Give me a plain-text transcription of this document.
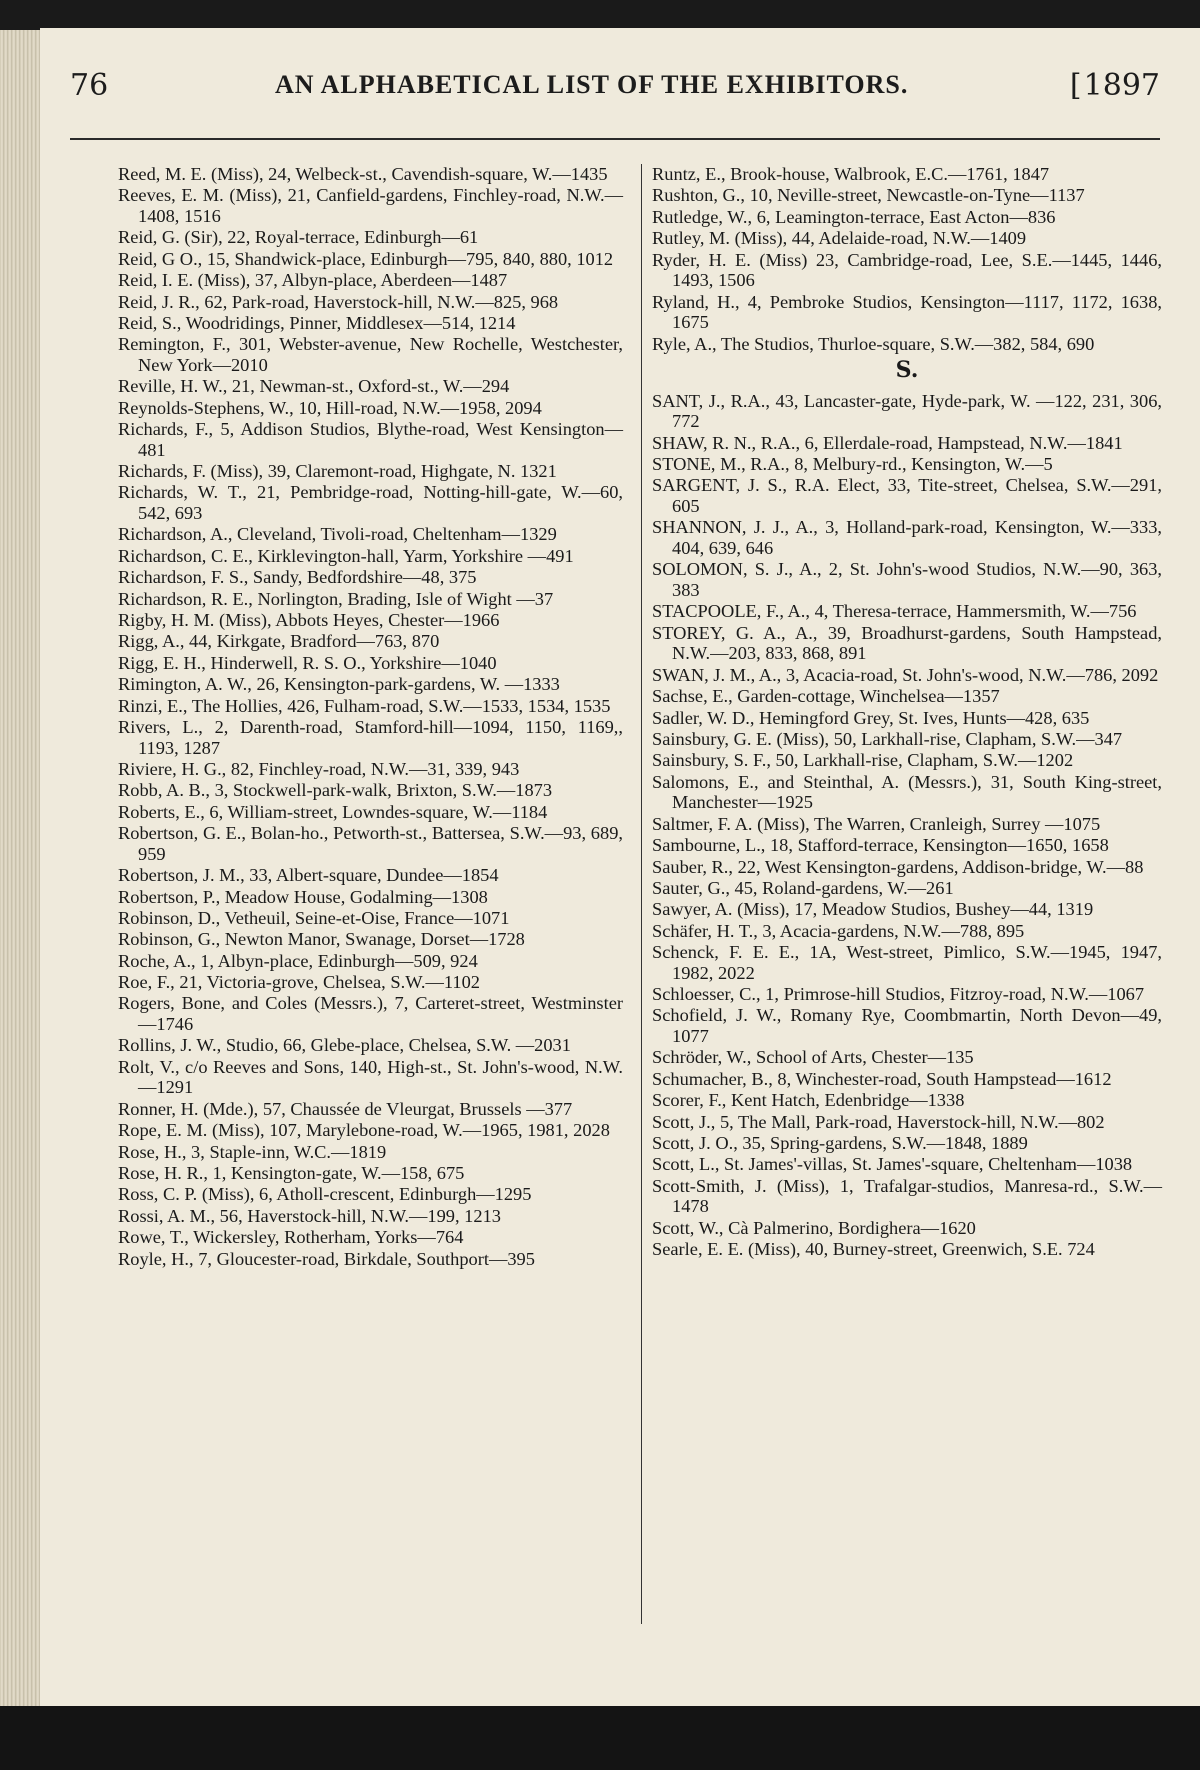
76	AN ALPHABETICAL LIST OF THE EXHIBITORS.
[	1897

Reed, M. E. (Miss), 24, Welbeck-st., Cavendish-square, W.—1435

Reeves, E. M. (Miss), 21, Canfield-gardens, Finchley-road, N.W.—1408, 1516

Reid, G. (Sir), 22, Royal-terrace, Edinburgh—61

Reid, G O., 15, Shandwick-place, Edinburgh—795, 840, 880, 1012

Reid, I. E. (Miss), 37, Albyn-place, Aberdeen—1487

Reid, J. R., 62, Park-road, Haverstock-hill, N.W.—825, 968

Reid, S., Woodridings, Pinner, Middlesex—514, 1214

Remington, F., 301, Webster-avenue, New Rochelle, Westchester, New York—2010

Reville, H. W., 21, Newman-st., Oxford-st., W.—294

Reynolds-Stephens, W., 10, Hill-road, N.W.—1958, 2094

Richards, F., 5, Addison Studios, Blythe-road, West Kensington—481

Richards, F. (Miss), 39, Claremont-road, Highgate, N. 1321

Richards, W. T., 21, Pembridge-road, Notting-hill-gate, W.—60, 542, 693

Richardson, A., Cleveland, Tivoli-road, Cheltenham—1329

Richardson, C. E., Kirklevington-hall, Yarm, Yorkshire —491

Richardson, F. S., Sandy, Bedfordshire—48, 375

Richardson, R. E., Norlington, Brading, Isle of Wight —37

Rigby, H. M. (Miss), Abbots Heyes, Chester—1966

Rigg, A., 44, Kirkgate, Bradford—763, 870

Rigg, E. H., Hinderwell, R. S. O., Yorkshire—1040

Rimington, A. W., 26, Kensington-park-gardens, W. —1333

Rinzi, E., The Hollies, 426, Fulham-road, S.W.—1533, 1534, 1535

Rivers, L., 2, Darenth-road, Stamford-hill—1094, 1150, 1169,, 1193, 1287

Riviere, H. G., 82, Finchley-road, N.W.—31, 339, 943

Robb, A. B., 3, Stockwell-park-walk, Brixton, S.W.—1873

Roberts, E., 6, William-street, Lowndes-square, W.—1184

Robertson, G. E., Bolan-ho., Petworth-st., Battersea, S.W.—93, 689, 959

Robertson, J. M., 33, Albert-square, Dundee—1854

Robertson, P., Meadow House, Godalming—1308

Robinson, D., Vetheuil, Seine-et-Oise, France—1071

Robinson, G., Newton Manor, Swanage, Dorset—1728

Roche, A., 1, Albyn-place, Edinburgh—509, 924

Roe, F., 21, Victoria-grove, Chelsea, S.W.—1102

Rogers, Bone, and Coles (Messrs.), 7, Carteret-street, Westminster—1746

Rollins, J. W., Studio, 66, Glebe-place, Chelsea, S.W. —2031

Rolt, V., c/o Reeves and Sons, 140, High-st., St. John's-wood, N.W.—1291

Ronner, H. (Mde.), 57, Chaussée de Vleurgat, Brussels —377

Rope, E. M. (Miss), 107, Marylebone-road, W.—1965, 1981, 2028

Rose, H., 3, Staple-inn, W.C.—1819

Rose, H. R., 1, Kensington-gate, W.—158, 675

Ross, C. P. (Miss), 6, Atholl-crescent, Edinburgh—1295

Rossi, A. M., 56, Haverstock-hill, N.W.—199, 1213

Rowe, T., Wickersley, Rotherham, Yorks—764

Royle, H., 7, Gloucester-road, Birkdale, Southport—395

Runtz, E., Brook-house, Walbrook, E.C.—1761, 1847

Rushton, G., 10, Neville-street, Newcastle-on-Tyne—1137

Rutledge, W., 6, Leamington-terrace, East Acton—836

Rutley, M. (Miss), 44, Adelaide-road, N.W.—1409

Ryder, H. E. (Miss) 23, Cambridge-road, Lee, S.E.—1445, 1446, 1493, 1506

Ryland, H., 4, Pembroke Studios, Kensington—1117, 1172, 1638, 1675

Ryle, A., The Studios, Thurloe-square, S.W.—382, 584, 690

S.

SANT, J., R.A., 43, Lancaster-gate, Hyde-park, W. —122, 231, 306, 772

SHAW, R. N., R.A., 6, Ellerdale-road, Hampstead, N.W.—1841

STONE, M., R.A., 8, Melbury-rd., Kensington, W.—5

SARGENT, J. S., R.A. Elect, 33, Tite-street, Chelsea, S.W.—291, 605

SHANNON, J. J., A., 3, Holland-park-road, Kensington, W.—333, 404, 639, 646

SOLOMON, S. J., A., 2, St. John's-wood Studios, N.W.—90, 363, 383

STACPOOLE, F., A., 4, Theresa-terrace, Hammersmith, W.—756

STOREY, G. A., A., 39, Broadhurst-gardens, South Hampstead, N.W.—203, 833, 868, 891

SWAN, J. M., A., 3, Acacia-road, St. John's-wood, N.W.—786, 2092

Sachse, E., Garden-cottage, Winchelsea—1357

Sadler, W. D., Hemingford Grey, St. Ives, Hunts—428, 635

Sainsbury, G. E. (Miss), 50, Larkhall-rise, Clapham, S.W.—347

Sainsbury, S. F., 50, Larkhall-rise, Clapham, S.W.—1202

Salomons, E., and Steinthal, A. (Messrs.), 31, South King-street, Manchester—1925

Saltmer, F. A. (Miss), The Warren, Cranleigh, Surrey —1075

Sambourne, L., 18, Stafford-terrace, Kensington—1650, 1658

Sauber, R., 22, West Kensington-gardens, Addison-bridge, W.—88

Sauter, G., 45, Roland-gardens, W.—261

Sawyer, A. (Miss), 17, Meadow Studios, Bushey—44, 1319

Schäfer, H. T., 3, Acacia-gardens, N.W.—788, 895

Schenck, F. E. E., 1A, West-street, Pimlico, S.W.—1945, 1947, 1982, 2022

Schloesser, C., 1, Primrose-hill Studios, Fitzroy-road, N.W.—1067

Schofield, J. W., Romany Rye, Coombmartin, North Devon—49, 1077

Schröder, W., School of Arts, Chester—135

Schumacher, B., 8, Winchester-road, South Hampstead—1612

Scorer, F., Kent Hatch, Edenbridge—1338

Scott, J., 5, The Mall, Park-road, Haverstock-hill, N.W.—802

Scott, J. O., 35, Spring-gardens, S.W.—1848, 1889

Scott, L., St. James'-villas, St. James'-square, Cheltenham—1038

Scott-Smith, J. (Miss), 1, Trafalgar-studios, Manresa-rd., S.W.—1478

Scott, W., Cà Palmerino, Bordighera—1620

Searle, E. E. (Miss), 40, Burney-street, Greenwich, S.E. 724
